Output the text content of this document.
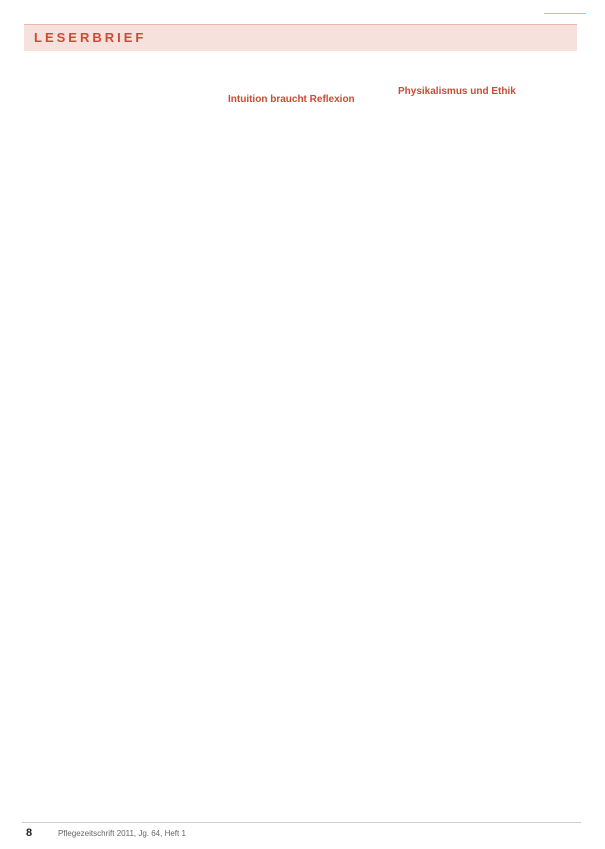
LESERBRIEF

Intuition braucht Reflexion

Physikalismus und Ethik

8	Pflegezeitschrift 2011, Jg. 64, Heft 1
